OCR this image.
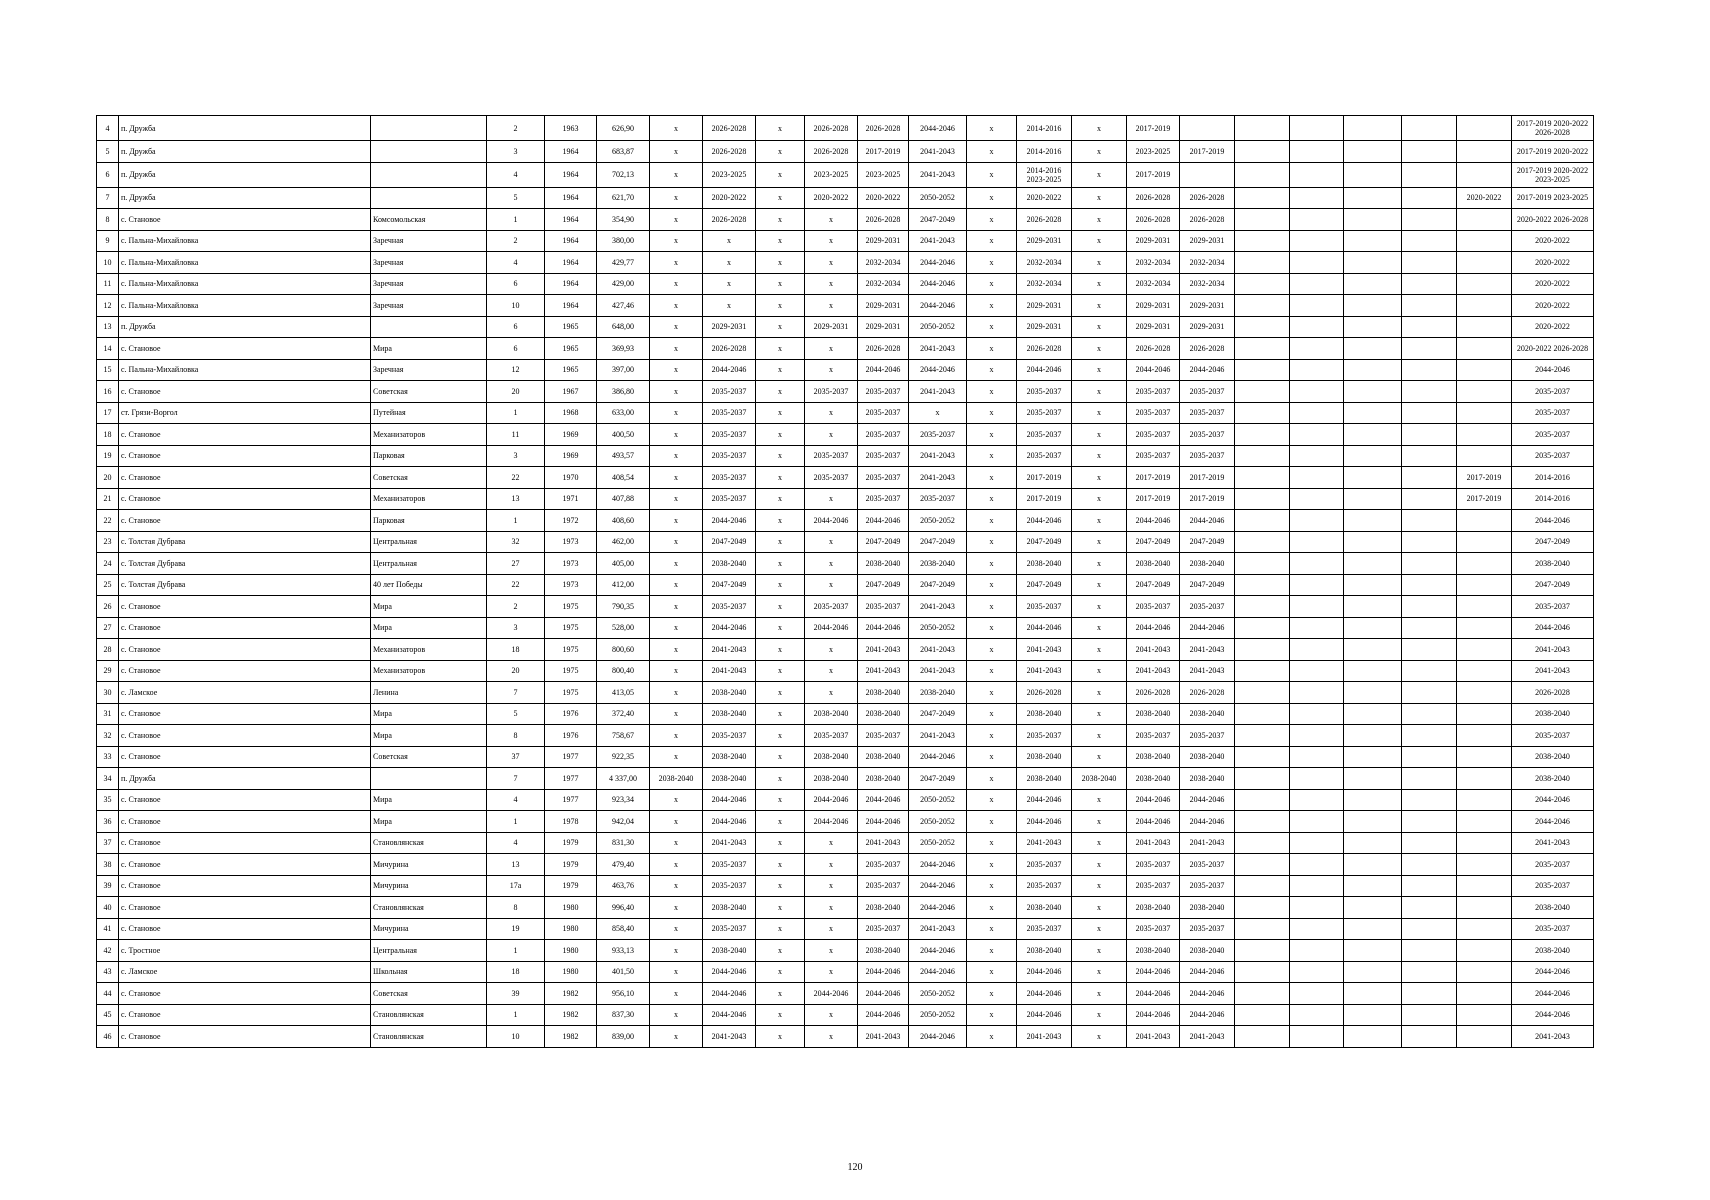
4	п. Дружба		2	1963	626,90	х	2026-2028	х	2026-2028	2026-2028	2044-2046	х	2014-2016	х	2017-2019							2017-2019 2020-2022 2026-2028
5	п. Дружба		3	1964	683,87	х	2026-2028	х	2026-2028	2017-2019	2041-2043	х	2014-2016	х	2023-2025	2017-2019						2017-2019 2020-2022
6	п. Дружба		4	1964	702,13	х	2023-2025	х	2023-2025	2023-2025	2041-2043	х	2014-2016 2023-2025	х	2017-2019							2017-2019 2020-2022 2023-2025
7	п. Дружба		5	1964	621,70	х	2020-2022	х	2020-2022	2020-2022	2050-2052	х	2020-2022	х	2026-2028	2026-2028					2020-2022	2017-2019 2023-2025
8	с. Становое	Комсомольская	1	1964	354,90	х	2026-2028	х	х	2026-2028	2047-2049	х	2026-2028	х	2026-2028	2026-2028						2020-2022 2026-2028
9	с. Пальна-Михайловка	Заречная	2	1964	380,00	х	х	х	х	2029-2031	2041-2043	х	2029-2031	х	2029-2031	2029-2031						2020-2022
10	с. Пальна-Михайловка	Заречная	4	1964	429,77	х	х	х	х	2032-2034	2044-2046	х	2032-2034	х	2032-2034	2032-2034						2020-2022
11	с. Пальна-Михайловка	Заречная	6	1964	429,00	х	х	х	х	2032-2034	2044-2046	х	2032-2034	х	2032-2034	2032-2034						2020-2022
12	с. Пальна-Михайловка	Заречная	10	1964	427,46	х	х	х	х	2029-2031	2044-2046	х	2029-2031	х	2029-2031	2029-2031						2020-2022
13	п. Дружба		6	1965	648,00	х	2029-2031	х	2029-2031	2029-2031	2050-2052	х	2029-2031	х	2029-2031	2029-2031						2020-2022
14	с. Становое	Мира	6	1965	369,93	х	2026-2028	х	х	2026-2028	2041-2043	х	2026-2028	х	2026-2028	2026-2028						2020-2022 2026-2028
15	с. Пальна-Михайловка	Заречная	12	1965	397,00	х	2044-2046	х	х	2044-2046	2044-2046	х	2044-2046	х	2044-2046	2044-2046						2044-2046
16	с. Становое	Советская	20	1967	386,80	х	2035-2037	х	2035-2037	2035-2037	2041-2043	х	2035-2037	х	2035-2037	2035-2037						2035-2037
17	ст. Грязи-Воргол	Путейная	1	1968	633,00	х	2035-2037	х	х	2035-2037	х	х	2035-2037	х	2035-2037	2035-2037						2035-2037
18	с. Становое	Механизаторов	11	1969	400,50	х	2035-2037	х	х	2035-2037	2035-2037	х	2035-2037	х	2035-2037	2035-2037						2035-2037
19	с. Становое	Парковая	3	1969	493,57	х	2035-2037	х	2035-2037	2035-2037	2041-2043	х	2035-2037	х	2035-2037	2035-2037						2035-2037
20	с. Становое	Советская	22	1970	408,54	х	2035-2037	х	2035-2037	2035-2037	2041-2043	х	2017-2019	х	2017-2019	2017-2019					2017-2019	2014-2016
21	с. Становое	Механизаторов	13	1971	407,88	х	2035-2037	х	х	2035-2037	2035-2037	х	2017-2019	х	2017-2019	2017-2019					2017-2019	2014-2016
22	с. Становое	Парковая	1	1972	408,60	х	2044-2046	х	2044-2046	2044-2046	2050-2052	х	2044-2046	х	2044-2046	2044-2046						2044-2046
23	с. Толстая Дубрава	Центральная	32	1973	462,00	х	2047-2049	х	х	2047-2049	2047-2049	х	2047-2049	х	2047-2049	2047-2049						2047-2049
24	с. Толстая Дубрава	Центральная	27	1973	405,00	х	2038-2040	х	х	2038-2040	2038-2040	х	2038-2040	х	2038-2040	2038-2040						2038-2040
25	с. Толстая Дубрава	40 лет Победы	22	1973	412,00	х	2047-2049	х	х	2047-2049	2047-2049	х	2047-2049	х	2047-2049	2047-2049						2047-2049
26	с. Становое	Мира	2	1975	790,35	х	2035-2037	х	2035-2037	2035-2037	2041-2043	х	2035-2037	х	2035-2037	2035-2037						2035-2037
27	с. Становое	Мира	3	1975	528,00	х	2044-2046	х	2044-2046	2044-2046	2050-2052	х	2044-2046	х	2044-2046	2044-2046						2044-2046
28	с. Становое	Механизаторов	18	1975	800,60	х	2041-2043	х	х	2041-2043	2041-2043	х	2041-2043	х	2041-2043	2041-2043						2041-2043
29	с. Становое	Механизаторов	20	1975	800,40	х	2041-2043	х	х	2041-2043	2041-2043	х	2041-2043	х	2041-2043	2041-2043						2041-2043
30	с. Ламское	Ленина	7	1975	413,05	х	2038-2040	х	х	2038-2040	2038-2040	х	2026-2028	х	2026-2028	2026-2028						2026-2028
31	с. Становое	Мира	5	1976	372,40	х	2038-2040	х	2038-2040	2038-2040	2047-2049	х	2038-2040	х	2038-2040	2038-2040						2038-2040
32	с. Становое	Мира	8	1976	758,67	х	2035-2037	х	2035-2037	2035-2037	2041-2043	х	2035-2037	х	2035-2037	2035-2037						2035-2037
33	с. Становое	Советская	37	1977	922,35	х	2038-2040	х	2038-2040	2038-2040	2044-2046	х	2038-2040	х	2038-2040	2038-2040						2038-2040
34	п. Дружба		7	1977	4 337,00	2038-2040	2038-2040	х	2038-2040	2038-2040	2047-2049	х	2038-2040	2038-2040	2038-2040	2038-2040						2038-2040
35	с. Становое	Мира	4	1977	923,34	х	2044-2046	х	2044-2046	2044-2046	2050-2052	х	2044-2046	х	2044-2046	2044-2046						2044-2046
36	с. Становое	Мира	1	1978	942,04	х	2044-2046	х	2044-2046	2044-2046	2050-2052	х	2044-2046	х	2044-2046	2044-2046						2044-2046
37	с. Становое	Становлянская	4	1979	831,30	х	2041-2043	х	х	2041-2043	2050-2052	х	2041-2043	х	2041-2043	2041-2043						2041-2043
38	с. Становое	Мичурина	13	1979	479,40	х	2035-2037	х	х	2035-2037	2044-2046	х	2035-2037	х	2035-2037	2035-2037						2035-2037
39	с. Становое	Мичурина	17а	1979	463,76	х	2035-2037	х	х	2035-2037	2044-2046	х	2035-2037	х	2035-2037	2035-2037						2035-2037
40	с. Становое	Становлянская	8	1980	996,40	х	2038-2040	х	х	2038-2040	2044-2046	х	2038-2040	х	2038-2040	2038-2040						2038-2040
41	с. Становое	Мичурина	19	1980	858,40	х	2035-2037	х	х	2035-2037	2041-2043	х	2035-2037	х	2035-2037	2035-2037						2035-2037
42	с. Тростное	Центральная	1	1980	933,13	х	2038-2040	х	х	2038-2040	2044-2046	х	2038-2040	х	2038-2040	2038-2040						2038-2040
43	с. Ламское	Школьная	18	1980	401,50	х	2044-2046	х	х	2044-2046	2044-2046	х	2044-2046	х	2044-2046	2044-2046						2044-2046
44	с. Становое	Советская	39	1982	956,10	х	2044-2046	х	2044-2046	2044-2046	2050-2052	х	2044-2046	х	2044-2046	2044-2046						2044-2046
45	с. Становое	Становлянская	1	1982	837,30	х	2044-2046	х	х	2044-2046	2050-2052	х	2044-2046	х	2044-2046	2044-2046						2044-2046
46	с. Становое	Становлянская	10	1982	839,00	х	2041-2043	х	х	2041-2043	2044-2046	х	2041-2043	х	2041-2043	2041-2043						2041-2043
120
